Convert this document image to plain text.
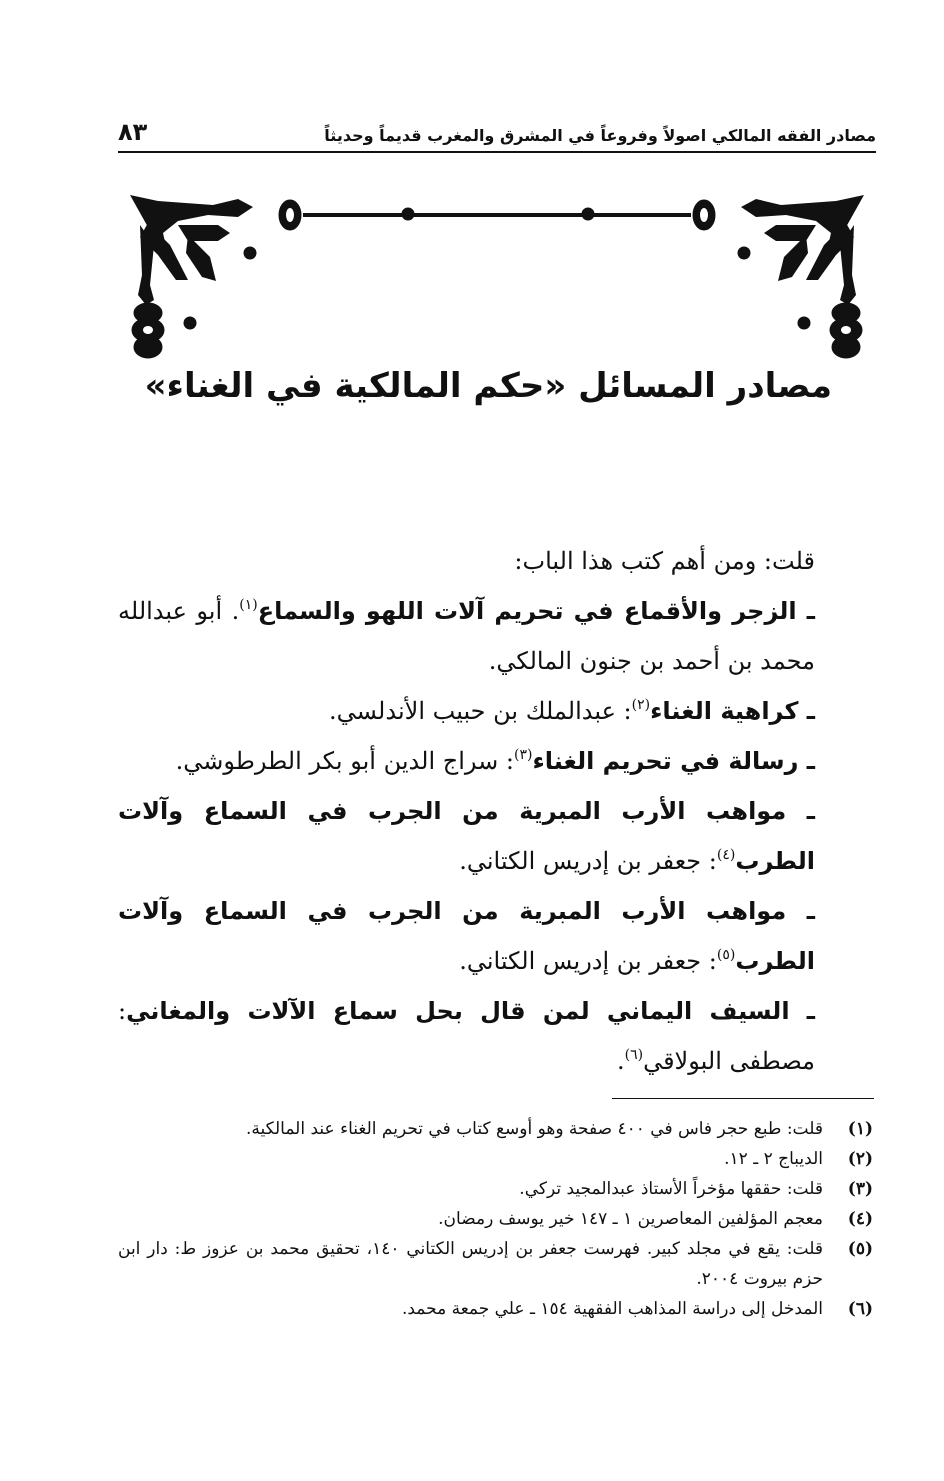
مصادر الفقه المالكي اصولاً وفروعاً في المشرق والمغرب قديماً وحديثاً
٨٣
مصادر المسائل «حكم المالكية في الغناء»

قلت: ومن أهم كتب هذا الباب:

ـ الزجر والأقماع في تحريم آلات اللهو والسماع$^{(١)}$. أبو عبدالله محمد بن أحمد بن جنون المالكي.

ـ كراهية الغناء$^{(٢)}$: عبدالملك بن حبيب الأندلسي.

ـ رسالة في تحريم الغناء$^{(٣)}$: سراج الدين أبو بكر الطرطوشي.

ـ مواهب الأرب المبرية من الجرب في السماع وآلات الطرب$^{(٤)}$: جعفر بن إدريس الكتاني.

ـ مواهب الأرب المبرية من الجرب في السماع وآلات الطرب$^{(٥)}$: جعفر بن إدريس الكتاني.

ـ السيف اليماني لمن قال بحل سماع الآلات والمغاني: مصطفى البولاقي$^{(٦)}$.

(١)
قلت: طبع حجر فاس في ٤٠٠ صفحة وهو أوسع كتاب في تحريم الغناء عند المالكية.
(٢)
الديباج ٢ ـ ١٢.
(٣)
قلت: حققها مؤخراً الأستاذ عبدالمجيد تركي.
(٤)
معجم المؤلفين المعاصرين ١ ـ ١٤٧ خير يوسف رمضان.
(٥)
قلت: يقع في مجلد كبير. فهرست جعفر بن إدريس الكتاني ١٤٠، تحقيق محمد بن عزوز ط: دار ابن حزم بيروت ٢٠٠٤.
(٦)
المدخل إلى دراسة المذاهب الفقهية ١٥٤ ـ علي جمعة محمد.
